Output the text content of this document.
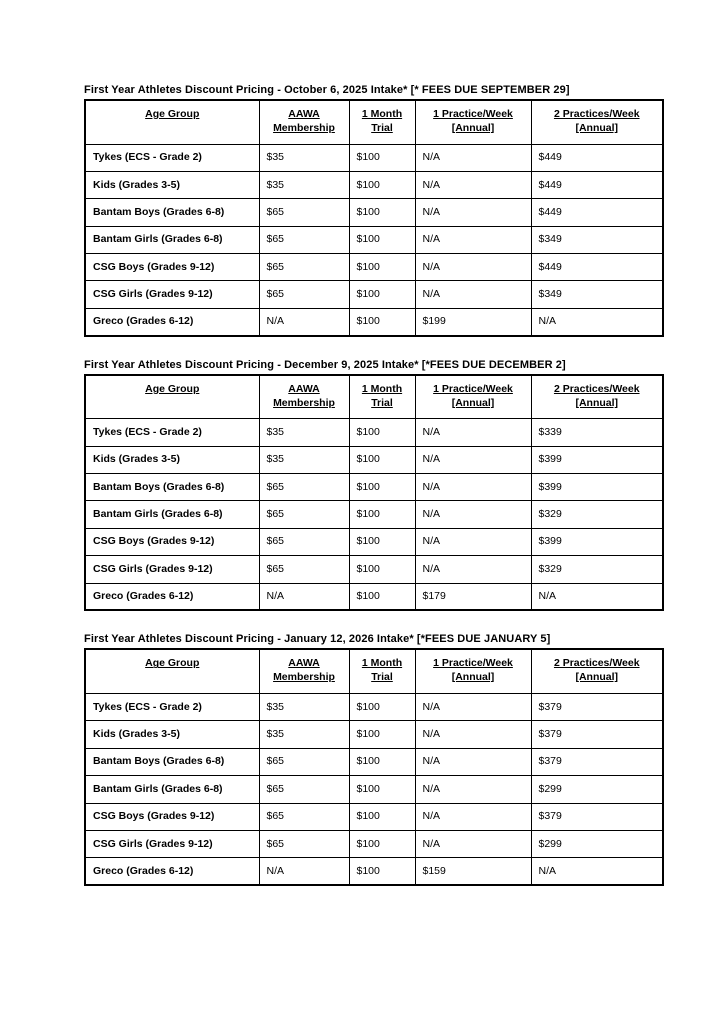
First Year Athletes Discount Pricing - October 6, 2025 Intake* [* FEES DUE SEPTEMBER 29]
Age Group	AAWA Membership	1 Month Trial	1 Practice/Week [Annual]	2 Practices/Week [Annual]
Tykes (ECS - Grade 2)	$35	$100	N/A	$449
Kids (Grades 3-5)	$35	$100	N/A	$449
Bantam Boys (Grades 6-8)	$65	$100	N/A	$449
Bantam Girls (Grades 6-8)	$65	$100	N/A	$349
CSG Boys (Grades 9-12)	$65	$100	N/A	$449
CSG Girls (Grades 9-12)	$65	$100	N/A	$349
Greco (Grades 6-12)	N/A	$100	$199	N/A
First Year Athletes Discount Pricing - December 9, 2025 Intake* [*FEES DUE DECEMBER 2]
Age Group	AAWA Membership	1 Month Trial	1 Practice/Week [Annual]	2 Practices/Week [Annual]
Tykes (ECS - Grade 2)	$35	$100	N/A	$339
Kids (Grades 3-5)	$35	$100	N/A	$399
Bantam Boys (Grades 6-8)	$65	$100	N/A	$399
Bantam Girls (Grades 6-8)	$65	$100	N/A	$329
CSG Boys (Grades 9-12)	$65	$100	N/A	$399
CSG Girls (Grades 9-12)	$65	$100	N/A	$329
Greco (Grades 6-12)	N/A	$100	$179	N/A
First Year Athletes Discount Pricing - January 12, 2026 Intake* [*FEES DUE JANUARY 5]
Age Group	AAWA Membership	1 Month Trial	1 Practice/Week [Annual]	2 Practices/Week [Annual]
Tykes (ECS - Grade 2)	$35	$100	N/A	$379
Kids (Grades 3-5)	$35	$100	N/A	$379
Bantam Boys (Grades 6-8)	$65	$100	N/A	$379
Bantam Girls (Grades 6-8)	$65	$100	N/A	$299
CSG Boys (Grades 9-12)	$65	$100	N/A	$379
CSG Girls (Grades 9-12)	$65	$100	N/A	$299
Greco (Grades 6-12)	N/A	$100	$159	N/A
